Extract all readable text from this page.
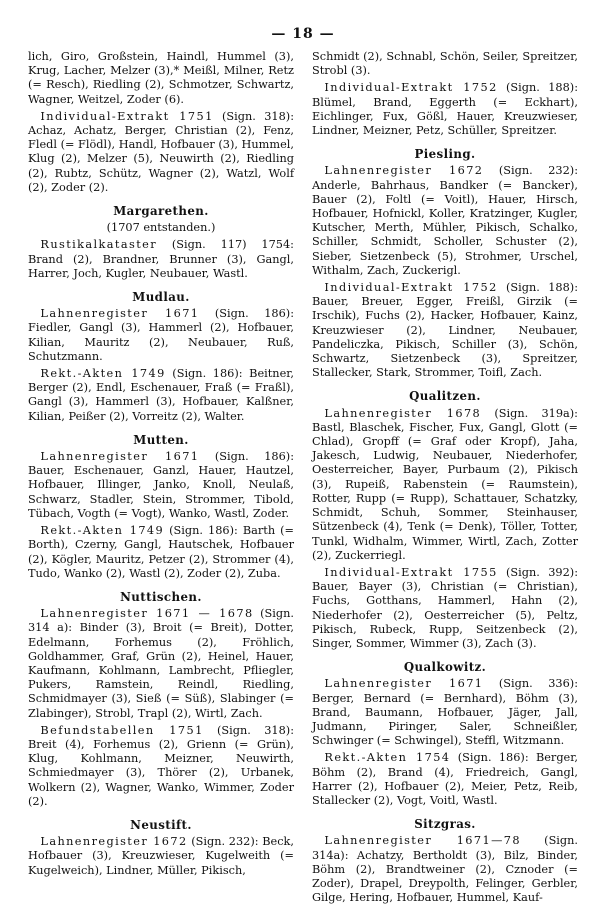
— 18 —

lich, Giro, Großstein, Haindl, Hummel (3), Krug, Lacher, Melzer (3),* Meißl, Milner, Retz (= Resch), Riedling (2), Schmotzer, Schwartz, Wagner, Weitzel, Zoder (6).

Individual-Extrakt 1751 (Sign. 318): Achaz, Achatz, Berger, Christian (2), Fenz, Fledl (= Flödl), Handl, Hofbauer (3), Hummel, Klug (2), Melzer (5), Neuwirth (2), Riedling (2), Rubtz, Schütz, Wagner (2), Watzl, Wolf (2), Zoder (2).

Margarethen.
(1707 entstanden.)

Rustikalkataster (Sign. 117) 1754: Brand (2), Brandner, Brunner (3), Gangl, Harrer, Joch, Kugler, Neubauer, Wastl.

Mudlau.

Lahnenregister 1671 (Sign. 186): Fiedler, Gangl (3), Hammerl (2), Hofbauer, Kilian, Mauritz (2), Neubauer, Ruß, Schutzmann.

Rekt.-Akten 1749 (Sign. 186): Beitner, Berger (2), Endl, Eschenauer, Fraß (= Fraßl), Gangl (3), Hammerl (3), Hofbauer, Kalßner, Kilian, Peißer (2), Vorreitz (2), Walter.

Mutten.

Lahnenregister 1671 (Sign. 186): Bauer, Eschenauer, Ganzl, Hauer, Hautzel, Hofbauer, Illinger, Janko, Knoll, Neulaß, Schwarz, Stadler, Stein, Strommer, Tibold, Tübach, Vogth (= Vogt), Wanko, Wastl, Zoder.

Rekt.-Akten 1749 (Sign. 186): Barth (= Borth), Czerny, Gangl, Hautschek, Hofbauer (2), Kögler, Mauritz, Petzer (2), Strommer (4), Tudo, Wanko (2), Wastl (2), Zoder (2), Zuba.

Nuttischen.

Lahnenregister 1671 — 1678 (Sign. 314 a): Binder (3), Broit (= Breit), Dotter, Edelmann, Forhemus (2), Fröhlich, Goldhammer, Graf, Grün (2), Heinel, Hauer, Kaufmann, Kohlmann, Lambrecht, Pfliegler, Pukers, Ramstein, Reindl, Riedling, Schmidmayer (3), Sieß (= Süß), Slabinger (= Zlabinger), Strobl, Trapl (2), Wirtl, Zach.

Befundstabellen 1751 (Sign. 318): Breit (4), Forhemus (2), Grienn (= Grün), Klug, Kohlmann, Meizner, Neuwirth, Schmiedmayer (3), Thörer (2), Urbanek, Wolkern (2), Wagner, Wanko, Wimmer, Zoder (2).

Neustift.

Lahnenregister 1672 (Sign. 232): Beck, Hofbauer (3), Kreuzwieser, Kugelweith (= Kugelweich), Lindner, Müller, Pikisch,

Schmidt (2), Schnabl, Schön, Seiler, Spreitzer, Strobl (3).

Individual-Extrakt 1752 (Sign. 188): Blümel, Brand, Eggerth (= Eckhart), Eichlinger, Fux, Gößl, Hauer, Kreuzwieser, Lindner, Meizner, Petz, Schüller, Spreitzer.

Piesling.

Lahnenregister 1672 (Sign. 232): Anderle, Bahrhaus, Bandker (= Bancker), Bauer (2), Foltl (= Voitl), Hauer, Hirsch, Hofbauer, Hofnickl, Koller, Kratzinger, Kugler, Kutscher, Merth, Mühler, Pikisch, Schalko, Schiller, Schmidt, Scholler, Schuster (2), Sieber, Sietzenbeck (5), Strohmer, Urschel, Withalm, Zach, Zuckerigl.

Individual-Extrakt 1752 (Sign. 188): Bauer, Breuer, Egger, Freißl, Girzik (= Irschik), Fuchs (2), Hacker, Hofbauer, Kainz, Kreuzwieser (2), Lindner, Neubauer, Pandeliczka, Pikisch, Schiller (3), Schön, Schwartz, Sietzenbeck (3), Spreitzer, Stallecker, Stark, Strommer, Toifl, Zach.

Qualitzen.

Lahnenregister 1678 (Sign. 319a): Bastl, Blaschek, Fischer, Fux, Gangl, Glott (= Chlad), Gropff (= Graf oder Kropf), Jaha, Jakesch, Ludwig, Neubauer, Niederhofer, Oesterreicher, Bayer, Purbaum (2), Pikisch (3), Rupeiß, Rabenstein (= Raumstein), Rotter, Rupp (= Rupp), Schattauer, Schatzky, Schmidt, Schuh, Sommer, Steinhauser, Sützenbeck (4), Tenk (= Denk), Töller, Totter, Tunkl, Widhalm, Wimmer, Wirtl, Zach, Zotter (2), Zuckerriegl.

Individual-Extrakt 1755 (Sign. 392): Bauer, Bayer (3), Christian (= Christian), Fuchs, Gotthans, Hammerl, Hahn (2), Niederhofer (2), Oesterreicher (5), Peltz, Pikisch, Rubeck, Rupp, Seitzenbeck (2), Singer, Sommer, Wimmer (3), Zach (3).

Qualkowitz.

Lahnenregister 1671 (Sign. 336): Berger, Bernard (= Bernhard), Böhm (3), Brand, Baumann, Hofbauer, Jäger, Jall, Judmann, Piringer, Saler, Schneißler, Schwinger (= Schwingel), Steffl, Witzmann.

Rekt.-Akten 1754 (Sign. 186): Berger, Böhm (2), Brand (4), Friedreich, Gangl, Harrer (2), Hofbauer (2), Meier, Petz, Reib, Stallecker (2), Vogt, Voitl, Wastl.

Sitzgras.

Lahnenregister 1671—78 (Sign. 314a): Achatzy, Bertholdt (3), Bilz, Binder, Böhm (2), Brandtweiner (2), Cznoder (= Zoder), Drapel, Dreypolth, Felinger, Gerbler, Gilge, Hering, Hofbauer, Hummel, Kauf-
